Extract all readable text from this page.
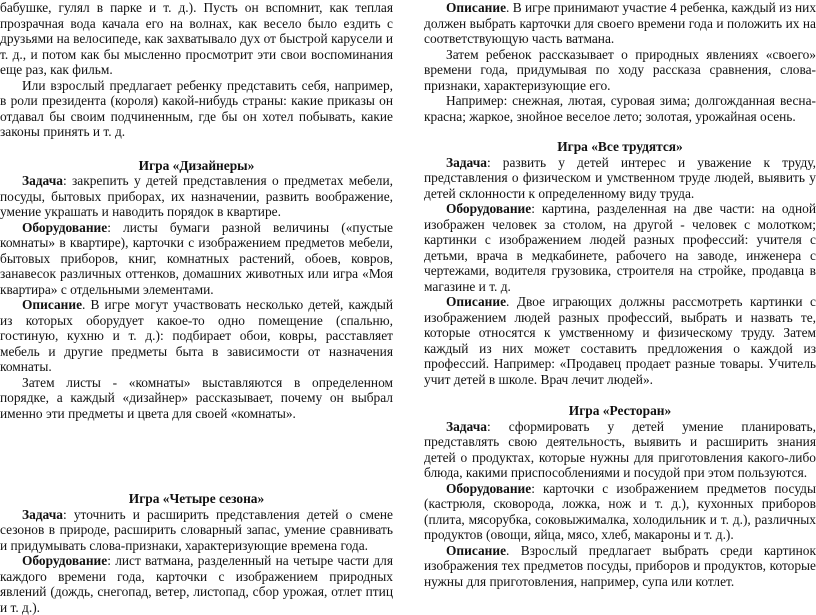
бабушке, гулял в парке и т. д.). Пусть он вспомнит, как теплая прозрачная вода качала его на волнах, как весело было ездить с друзьями на велосипеде, как захватывало дух от быстрой карусели и т. д., и потом как бы мысленно просмотрит эти свои воспоминания еще раз, как фильм.

Или взрослый предлагает ребенку представить себя, например, в роли президента (короля) какой-нибудь страны: какие приказы он отдавал бы своим подчиненным, где бы он хотел побывать, какие законы принять и т. д.

Игра «Дизайнеры»

Задача: закрепить у детей представления о предметах мебели, посуды, бытовых приборах, их назначении, развить воображение, умение украшать и наводить порядок в квартире.

Оборудование: листы бумаги разной величины («пустые комнаты» в квартире), карточки с изображением предметов мебели, бытовых приборов, книг, комнатных растений, обоев, ковров, занавесок различных оттенков, домашних животных или игра «Моя квартира» с отдельными элементами.

Описание. В игре могут участвовать несколько детей, каждый из которых оборудует какое-то одно помещение (спальню, гостиную, кухню и т. д.): подбирает обои, ковры, расставляет мебель и другие предметы быта в зависимости от назначения комнаты.

Затем листы - «комнаты» выставляются в определенном порядке, а каждый «дизайнер» рассказывает, почему он выбрал именно эти предметы и цвета для своей «комнаты».

Игра «Четыре сезона»

Задача: уточнить и расширить представления детей о смене сезонов в природе, расширить словарный запас, умение сравнивать и придумывать слова-признаки, характеризующие времена года.

Оборудование: лист ватмана, разделенный на четыре части для каждого времени года, карточки с изображением природных явлений (дождь, снегопад, ветер, листопад, сбор урожая, отлет птиц и т. д.).

Описание. В игре принимают участие 4 ребенка, каждый из них должен выбрать карточки для своего времени года и положить их на соответствующую часть ватмана.

Затем ребенок рассказывает о природных явлениях «своего» времени года, придумывая по ходу рассказа сравнения, слова-признаки, характеризующие его.

Например: снежная, лютая, суровая зима; долгожданная весна-красна; жаркое, знойное веселое лето; золотая, урожайная осень.

Игра «Все трудятся»

Задача: развить у детей интерес и уважение к труду, представления о физическом и умственном труде людей, выявить у детей склонности к определенному виду труда.

Оборудование: картина, разделенная на две части: на одной изображен человек за столом, на другой - человек с молотком; картинки с изображением людей разных профессий: учителя с детьми, врача в медкабинете, рабочего на заводе, инженера с чертежами, водителя грузовика, строителя на стройке, продавца в магазине и т. д.

Описание. Двое играющих должны рассмотреть картинки с изображением людей разных профессий, выбрать и назвать те, которые относятся к умственному и физическому труду. Затем каждый из них может составить предложения о каждой из профессий. Например: «Продавец продает разные товары. Учитель учит детей в школе. Врач лечит людей».

Игра «Ресторан»

Задача: сформировать у детей умение планировать, представлять свою деятельность, выявить и расширить знания детей о продуктах, которые нужны для приготовления какого-либо блюда, какими приспособлениями и посудой при этом пользуются.

Оборудование: карточки с изображением предметов посуды (кастрюля, сковорода, ложка, нож и т. д.), кухонных приборов (плита, мясорубка, соковыжималка, холодильник и т. д.), различных продуктов (овощи, яйца, мясо, хлеб, макароны и т. д.).

Описание. Взрослый предлагает выбрать среди картинок изображения тех предметов посуды, приборов и продуктов, которые нужны для приготовления, например, супа или котлет.
